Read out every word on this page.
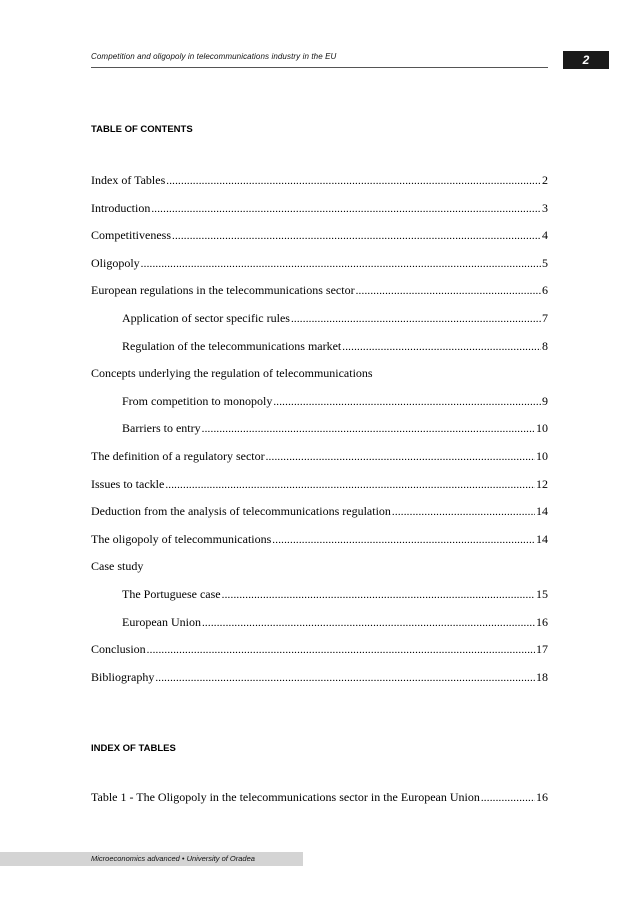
Competition and oligopoly in telecommunications industry in the EU	2
TABLE OF CONTENTS
Index of Tables .....	2
Introduction .....	3
Competitiveness .....	4
Oligopoly .....	5
European regulations in the telecommunications sector .....	6
Application of sector specific rules .....	7
Regulation of the telecommunications market .....	8
Concepts underlying the regulation of telecommunications
From competition to monopoly .....	9
Barriers to entry .....	10
The definition of a regulatory sector .....	10
Issues to tackle .....	12
Deduction from the analysis of telecommunications regulation .....	14
The oligopoly of telecommunications .....	14
Case study
The Portuguese case .....	15
European Union .....	16
Conclusion .....	17
Bibliography .....	18
INDEX OF TABLES
Table 1 - The Oligopoly in the telecommunications sector in the European Union .....	16
Microeconomics advanced • University of Oradea
